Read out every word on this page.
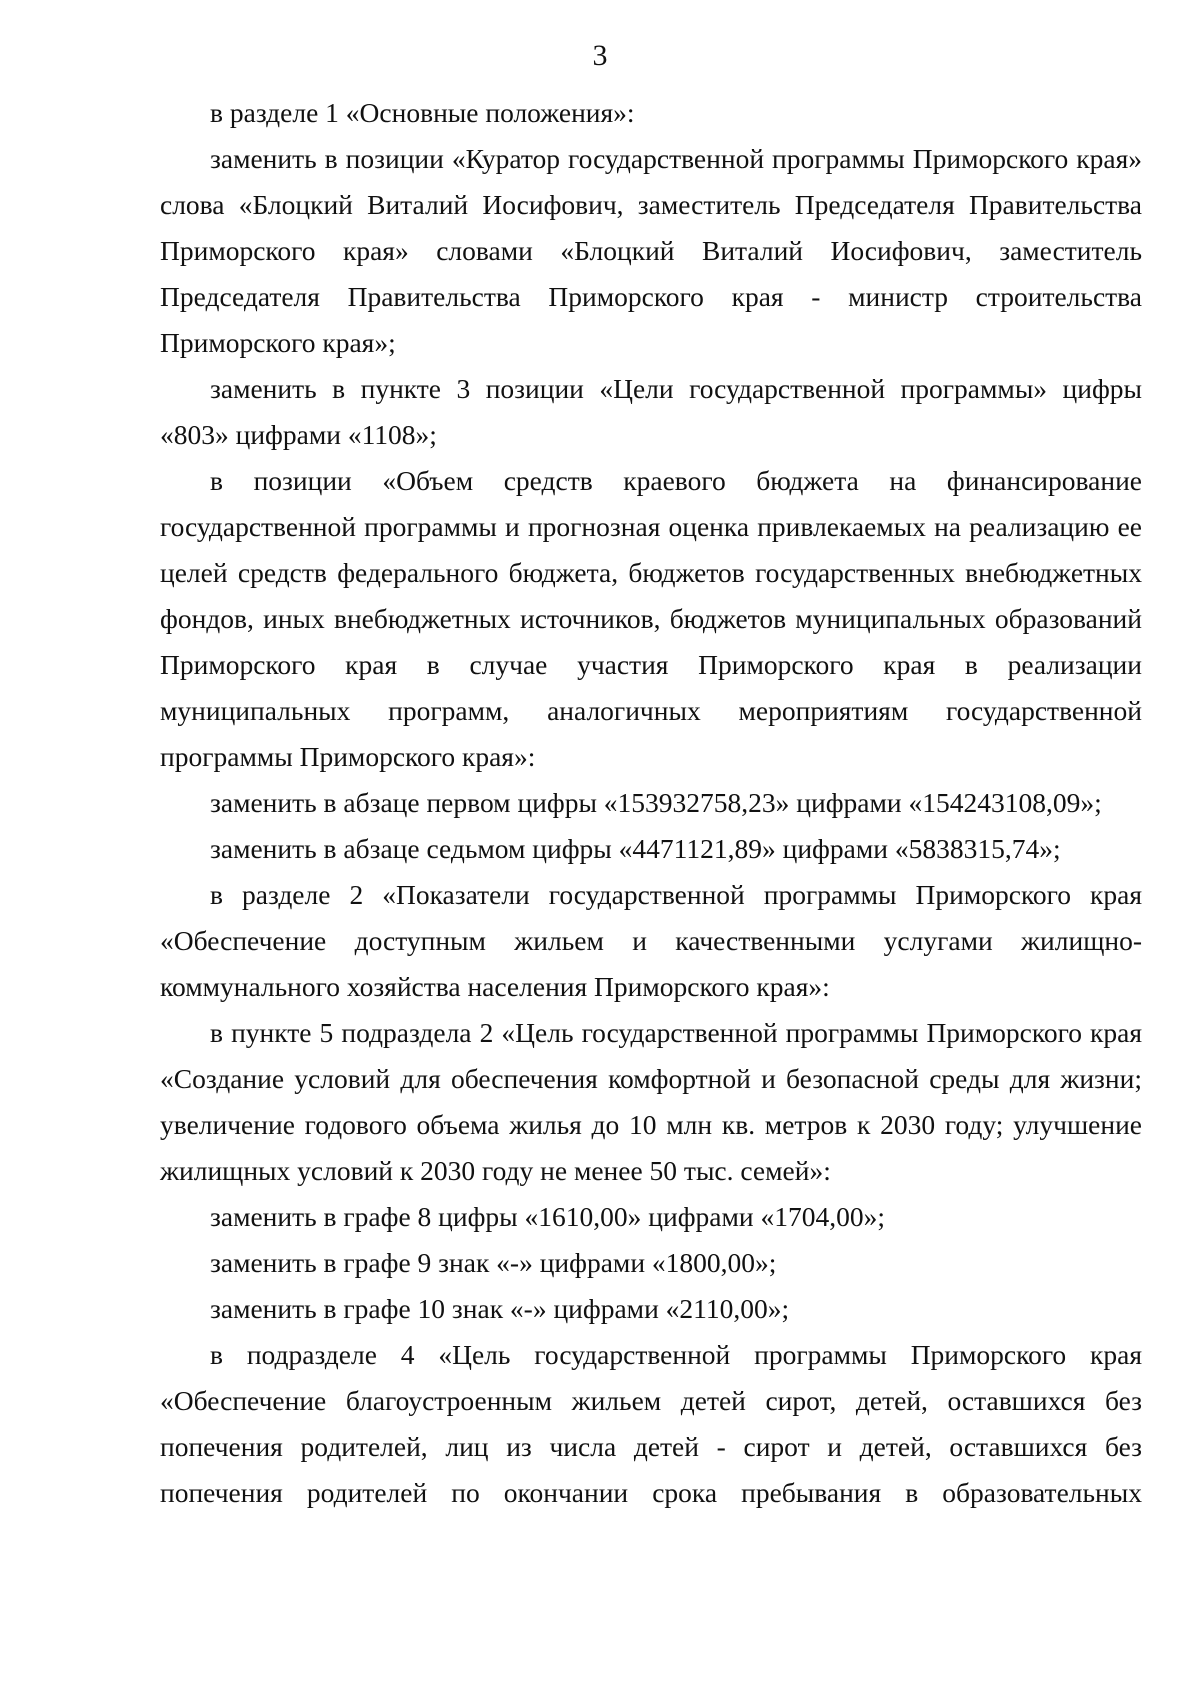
3

в разделе 1 «Основные положения»:

заменить в позиции «Куратор государственной программы Приморского края» слова «Блоцкий Виталий Иосифович, заместитель Председателя Правительства Приморского края» словами «Блоцкий Виталий Иосифович, заместитель Председателя Правительства Приморского края - министр строительства Приморского края»;

заменить в пункте 3 позиции «Цели государственной программы» цифры «803» цифрами «1108»;

в позиции «Объем средств краевого бюджета на финансирование государственной программы и прогнозная оценка привлекаемых на реализацию ее целей средств федерального бюджета, бюджетов государственных внебюджетных фондов, иных внебюджетных источников, бюджетов муниципальных образований Приморского края в случае участия Приморского края в реализации муниципальных программ, аналогичных мероприятиям государственной программы Приморского края»:

заменить в абзаце первом цифры «153932758,23» цифрами «154243108,09»;

заменить в абзаце седьмом цифры «4471121,89» цифрами «5838315,74»;

в разделе 2 «Показатели государственной программы Приморского края «Обеспечение доступным жильем и качественными услугами жилищно-коммунального хозяйства населения Приморского края»:

в пункте 5 подраздела 2 «Цель государственной программы Приморского края «Создание условий для обеспечения комфортной и безопасной среды для жизни; увеличение годового объема жилья до 10 млн кв. метров к 2030 году; улучшение жилищных условий к 2030 году не менее 50 тыс. семей»:

заменить в графе 8 цифры «1610,00» цифрами «1704,00»;

заменить в графе 9 знак «-» цифрами «1800,00»;

заменить в графе 10 знак «-» цифрами «2110,00»;

в подразделе 4 «Цель государственной программы Приморского края «Обеспечение благоустроенным жильем детей сирот, детей, оставшихся без попечения родителей, лиц из числа детей - сирот и детей, оставшихся без попечения родителей по окончании срока пребывания в образовательных
